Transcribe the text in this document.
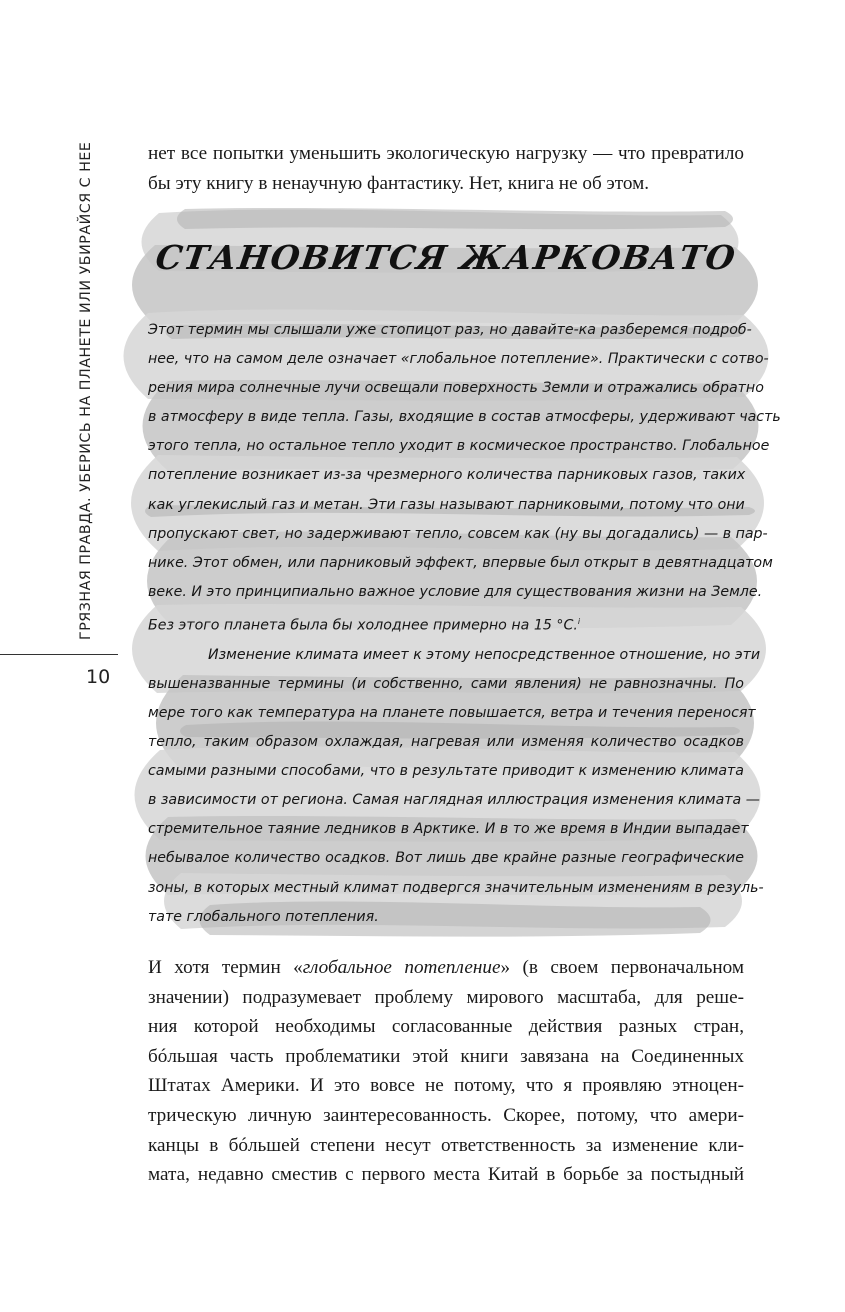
ГРЯЗНАЯ ПРАВДА. УБЕРИСЬ НА ПЛАНЕТЕ ИЛИ УБИРАЙСЯ С НЕЕ
10
нет все попытки уменьшить экологическую нагрузку — что превратило
бы эту книгу в ненаучную фантастику. Нет, книга не об этом.
СТАНОВИТСЯ ЖАРКОВАТО
Этот термин мы слышали уже стопицот раз, но давайте-ка разберемся подроб-
нее, что на самом деле означает «глобальное потепление». Практически с сотво-
рения мира солнечные лучи освещали поверхность Земли и отражались обратно
в атмосферу в виде тепла. Газы, входящие в состав атмосферы, удерживают часть
этого тепла, но остальное тепло уходит в космическое пространство. Глобальное
потепление возникает из-за чрезмерного количества парниковых газов, таких
как углекислый газ и метан. Эти газы называют парниковыми, потому что они
пропускают свет, но задерживают тепло, совсем как (ну вы догадались) — в пар-
нике. Этот обмен, или парниковый эффект, впервые был открыт в девятнадцатом
веке. И это принципиально важное условие для существования жизни на Земле.
Без этого планета была бы холоднее примерно на 15 °C.$^i$
Изменение климата имеет к этому непосредственное отношение, но эти
вышеназванные термины (и собственно, сами явления) не равнозначны. По
мере того как температура на планете повышается, ветра и течения переносят
тепло, таким образом охлаждая, нагревая или изменяя количество осадков
самыми разными способами, что в результате приводит к изменению климата
в зависимости от региона. Самая наглядная иллюстрация изменения климата —
стремительное таяние ледников в Арктике. И в то же время в Индии выпадает
небывалое количество осадков. Вот лишь две крайне разные географические
зоны, в которых местный климат подвергся значительным изменениям в резуль-
тате глобального потепления.
И хотя термин «глобальное потепление» (в своем первоначальном
значении) подразумевает проблему мирового масштаба, для реше-
ния которой необходимы согласованные действия разных стран,
бóльшая часть проблематики этой книги завязана на Соединенных
Штатах Америки. И это вовсе не потому, что я проявляю этноцен-
трическую личную заинтересованность. Скорее, потому, что амери-
канцы в бóльшей степени несут ответственность за изменение кли-
мата, недавно сместив с первого места Китай в борьбе за постыдный
